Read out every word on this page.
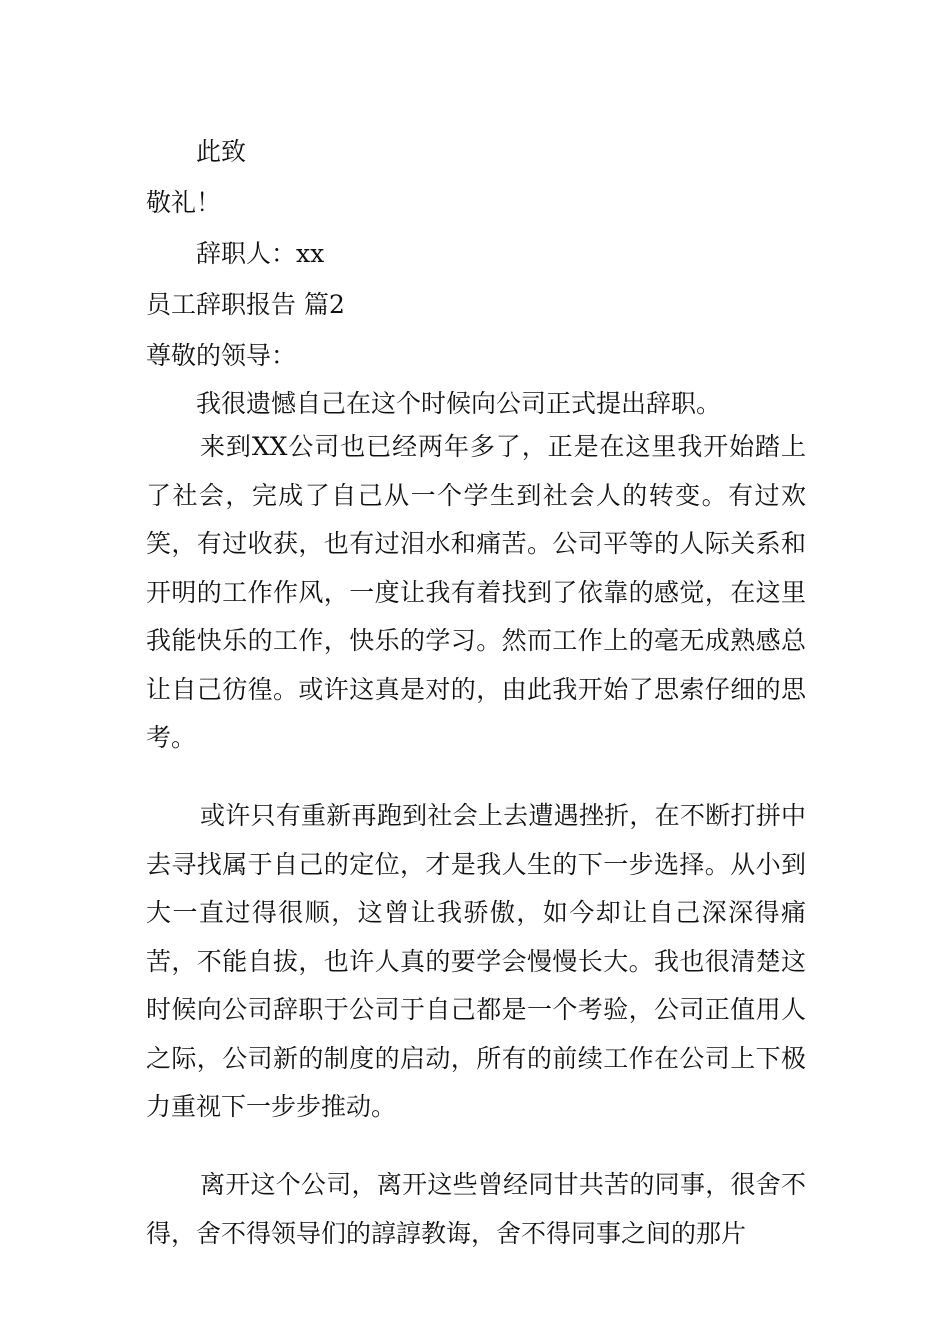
此致
敬礼！
辞职人：xx
员工辞职报告 篇2
尊敬的领导：
我很遗憾自己在这个时候向公司正式提出辞职。
来到XX公司也已经两年多了，正是在这里我开始踏上了社会，完成了自己从一个学生到社会人的转变。有过欢笑，有过收获，也有过泪水和痛苦。公司平等的人际关系和开明的工作作风，一度让我有着找到了依靠的感觉，在这里我能快乐的工作，快乐的学习。然而工作上的毫无成熟感总让自己彷徨。或许这真是对的，由此我开始了思索仔细的思考。
或许只有重新再跑到社会上去遭遇挫折，在不断打拼中去寻找属于自己的定位，才是我人生的下一步选择。从小到大一直过得很顺，这曾让我骄傲，如今却让自己深深得痛苦，不能自拔，也许人真的要学会慢慢长大。我也很清楚这时候向公司辞职于公司于自己都是一个考验，公司正值用人之际，公司新的制度的启动，所有的前续工作在公司上下极力重视下一步步推动。
离开这个公司，离开这些曾经同甘共苦的同事，很舍不得，舍不得领导们的諄諄教诲，舍不得同事之间的那片
